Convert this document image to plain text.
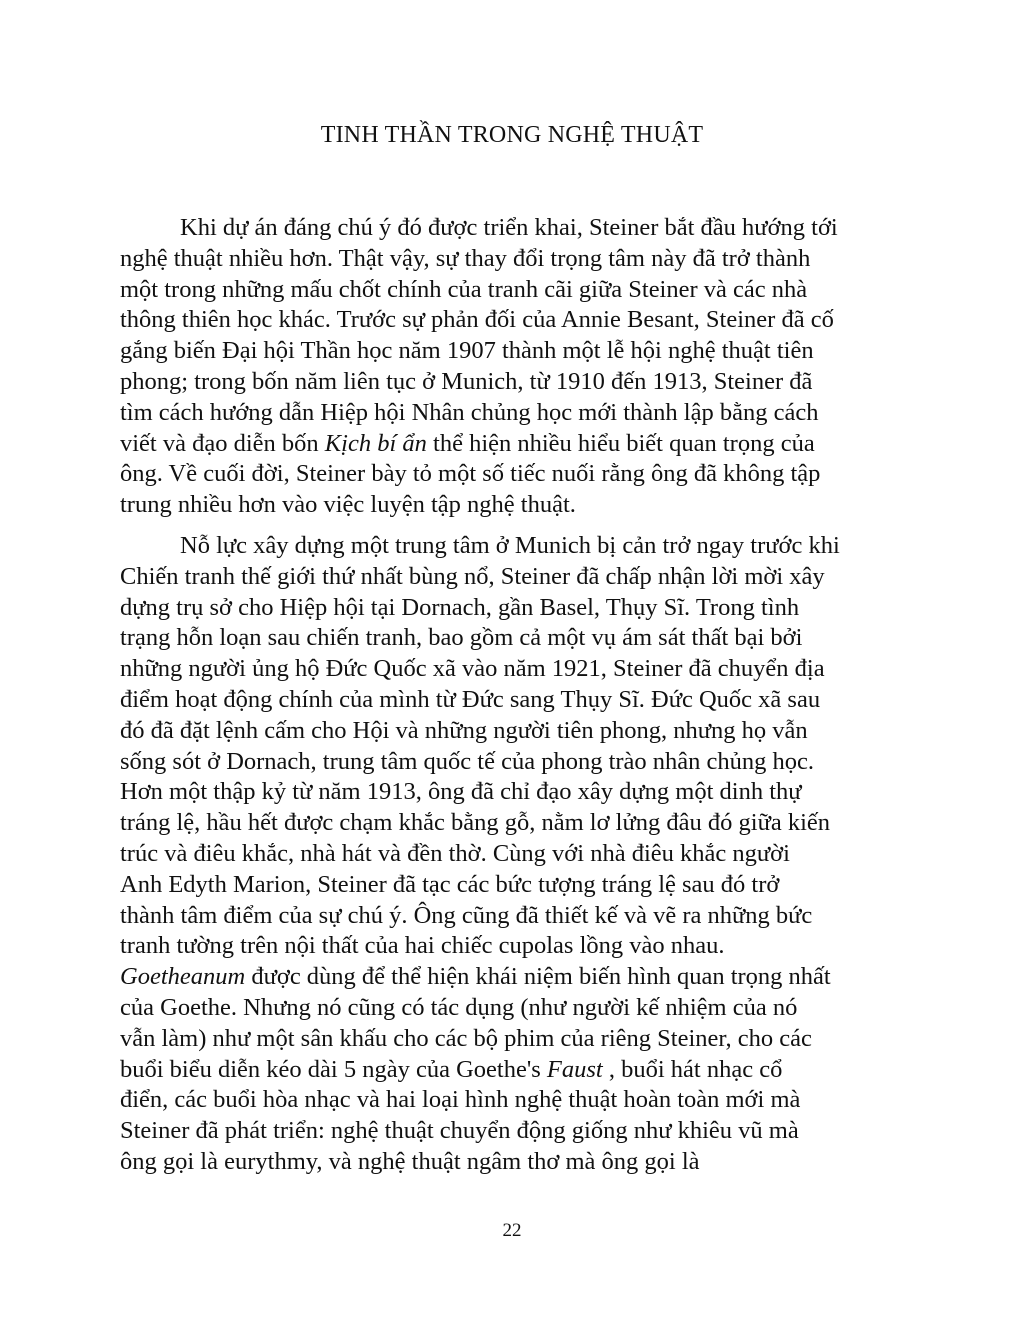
TINH THẦN TRONG NGHỆ THUẬT

Khi dự án đáng chú ý đó được triển khai, Steiner bắt đầu hướng tới
nghệ thuật nhiều hơn. Thật vậy, sự thay đổi trọng tâm này đã trở thành
một trong những mấu chốt chính của tranh cãi giữa Steiner và các nhà
thông thiên học khác. Trước sự phản đối của Annie Besant, Steiner đã cố
gắng biến Đại hội Thần học năm 1907 thành một lễ hội nghệ thuật tiên
phong; trong bốn năm liên tục ở Munich, từ 1910 đến 1913, Steiner đã
tìm cách hướng dẫn Hiệp hội Nhân chủng học mới thành lập bằng cách
viết và đạo diễn bốn Kịch bí ẩn thể hiện nhiều hiểu biết quan trọng của
ông. Về cuối đời, Steiner bày tỏ một số tiếc nuối rằng ông đã không tập
trung nhiều hơn vào việc luyện tập nghệ thuật.

Nỗ lực xây dựng một trung tâm ở Munich bị cản trở ngay trước khi
Chiến tranh thế giới thứ nhất bùng nổ, Steiner đã chấp nhận lời mời xây
dựng trụ sở cho Hiệp hội tại Dornach, gần Basel, Thụy Sĩ. Trong tình
trạng hỗn loạn sau chiến tranh, bao gồm cả một vụ ám sát thất bại bởi
những người ủng hộ Đức Quốc xã vào năm 1921, Steiner đã chuyển địa
điểm hoạt động chính của mình từ Đức sang Thụy Sĩ. Đức Quốc xã sau
đó đã đặt lệnh cấm cho Hội và những người tiên phong, nhưng họ vẫn
sống sót ở Dornach, trung tâm quốc tế của phong trào nhân chủng học.
Hơn một thập kỷ từ năm 1913, ông đã chỉ đạo xây dựng một dinh thự
tráng lệ, hầu hết được chạm khắc bằng gỗ, nằm lơ lửng đâu đó giữa kiến
trúc và điêu khắc, nhà hát và đền thờ. Cùng với nhà điêu khắc người
Anh Edyth Marion, Steiner đã tạc các bức tượng tráng lệ sau đó trở
thành tâm điểm của sự chú ý. Ông cũng đã thiết kế và vẽ ra những bức
tranh tường trên nội thất của hai chiếc cupolas lồng vào nhau.
Goetheanum được dùng để thể hiện khái niệm biến hình quan trọng nhất
của Goethe. Nhưng nó cũng có tác dụng (như người kế nhiệm của nó
vẫn làm) như một sân khấu cho các bộ phim của riêng Steiner, cho các
buổi biểu diễn kéo dài 5 ngày của Goethe's Faust , buổi hát nhạc cổ
điển, các buổi hòa nhạc và hai loại hình nghệ thuật hoàn toàn mới mà
Steiner đã phát triển: nghệ thuật chuyển động giống như khiêu vũ mà
ông gọi là eurythmy, và nghệ thuật ngâm thơ mà ông gọi là

22
